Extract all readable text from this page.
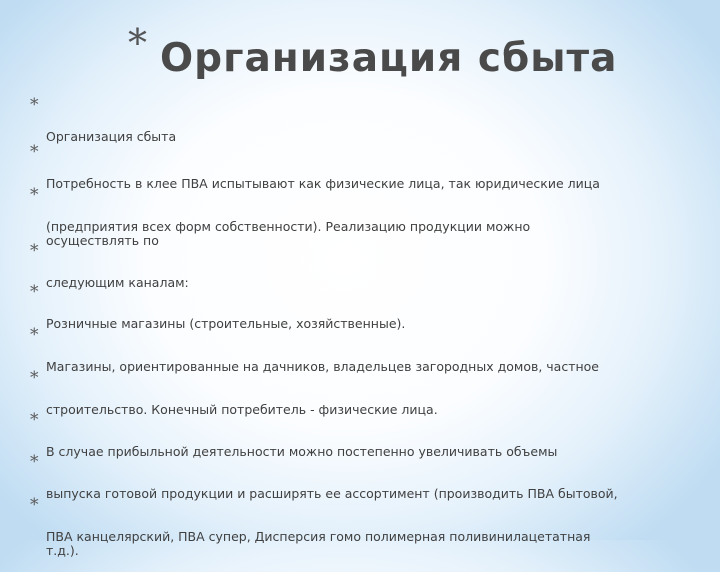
* Организация сбыта

*

Организация сбыта

*

Потребность в клее ПВА испытывают как физические лица, так юридические лица

*

(предприятия всех форм собственности). Реализацию продукции можно
осуществлять по

*

следующим каналам:

*

Розничные магазины (строительные, хозяйственные).

*

Магазины, ориентированные на дачников, владельцев загородных домов, частное

*

строительство. Конечный потребитель - физические лица.

*

В случае прибыльной деятельности можно постепенно увеличивать объемы

*

выпуска готовой продукции и расширять ее ассортимент (производить ПВА бытовой,

*

ПВА канцелярский, ПВА супер, Дисперсия гомо полимерная поливинилацетатная
т.д.).
